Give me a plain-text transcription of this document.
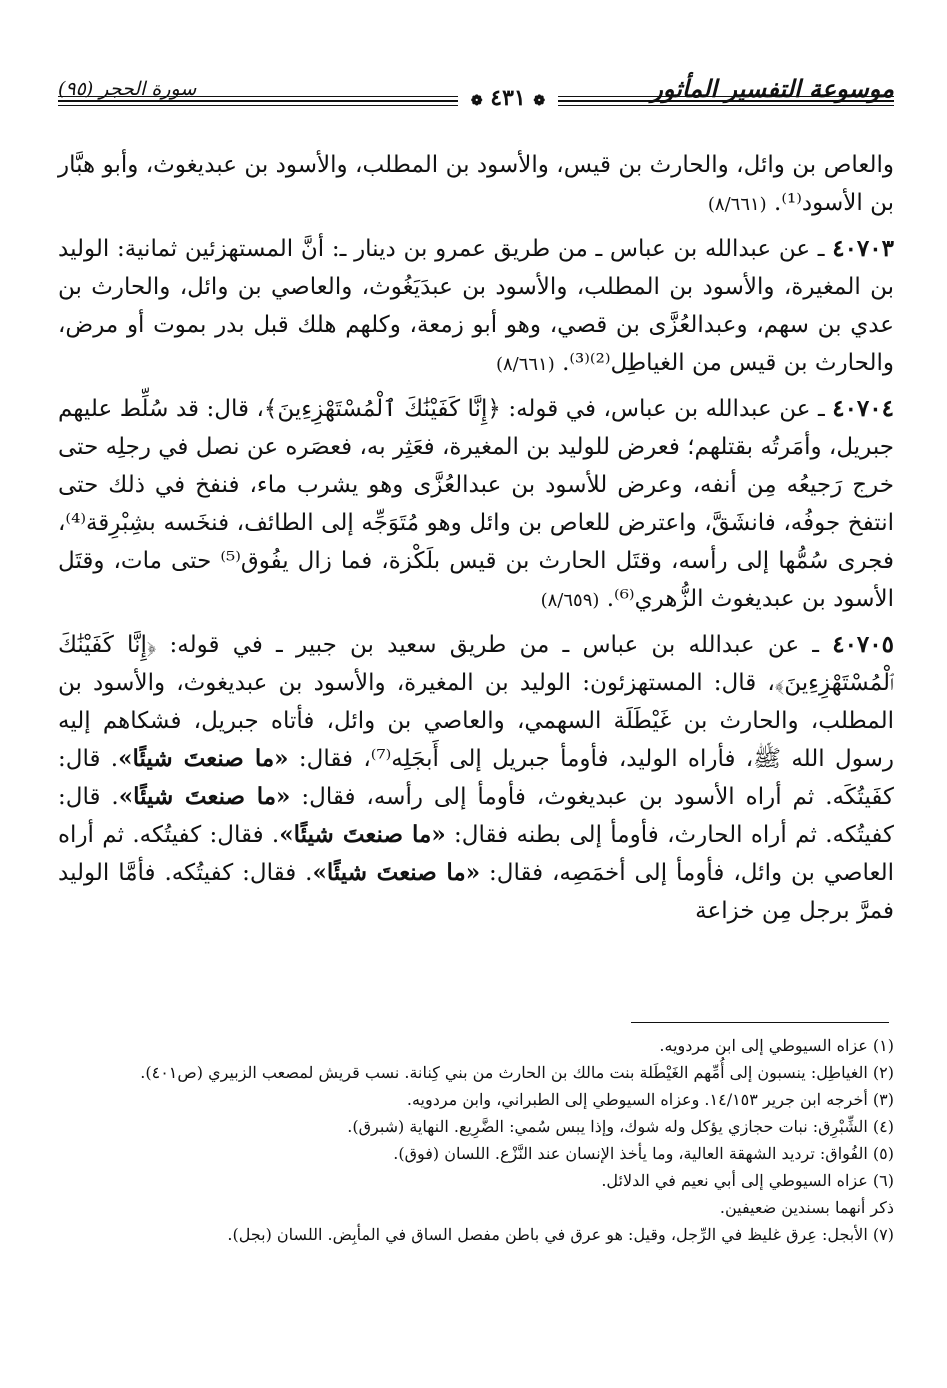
موسوعة التفسير المأثور
❁ ٤٣١ ❁
سورة الحجر (٩٥)

والعاص بن وائل، والحارث بن قيس، والأسود بن المطلب، والأسود بن عبديغوث، وأبو هبَّار بن الأسود⁽¹⁾. (٨/٦٦١)

٤٠٧٠٣ ـ عن عبدالله بن عباس ـ من طريق عمرو بن دينار ـ: أنَّ المستهزئين ثمانية: الوليد بن المغيرة، والأسود بن المطلب، والأسود بن عبدَيَغُوث، والعاصي بن وائل، والحارث بن عدي بن سهم، وعبدالعُزَّى بن قصي، وهو أبو زمعة، وكلهم هلك قبل بدر بموت أو مرض، والحارث بن قيس من الغياطِل⁽²⁾⁽³⁾. (٨/٦٦١)

٤٠٧٠٤ ـ عن عبدالله بن عباس، في قوله: ﴿إِنَّا كَفَيْنَٰكَ ٱلْمُسْتَهْزِءِينَ﴾، قال: قد سُلِّط عليهم جبريل، وأمَرتُه بقتلهم؛ فعرض للوليد بن المغيرة، فعَثِر به، فعصَره عن نصل في رجلِه حتى خرج رَجيعُه مِن أنفه، وعرض للأسود بن عبدالعُزَّى وهو يشرب ماء، فنفخ في ذلك حتى انتفخ جوفُه، فانشَقَّ، واعترض للعاص بن وائل وهو مُتَوَجِّه إلى الطائف، فنخَسه بشِبْرِقة⁽⁴⁾، فجرى سُمُّها إلى رأسه، وقتَل الحارث بن قيس بلَكْزة، فما زال يفُوق⁽⁵⁾ حتى مات، وقتَل الأسود بن عبديغوث الزُّهري⁽⁶⁾. (٨/٦٥٩)

٤٠٧٠٥ ـ عن عبدالله بن عباس ـ من طريق سعيد بن جبير ـ في قوله: ﴿إِنَّا كَفَيْنَٰكَ ٱلْمُسْتَهْزِءِينَ﴾، قال: المستهزئون: الوليد بن المغيرة، والأسود بن عبديغوث، والأسود بن المطلب، والحارث بن غَيْطَلَة السهمي، والعاصي بن وائل، فأتاه جبريل، فشكاهم إليه رسول الله ﷺ، فأراه الوليد، فأومأ جبريل إلى أَبجَلِه⁽⁷⁾، فقال: «ما صنعتَ شيئًا». قال: كفَيتُكَه. ثم أراه الأسود بن عبديغوث، فأومأ إلى رأسه، فقال: «ما صنعتَ شيئًا». قال: كفيتُكه. ثم أراه الحارث، فأومأ إلى بطنه فقال: «ما صنعتَ شيئًا». فقال: كفيتُكه. ثم أراه العاصي بن وائل، فأومأ إلى أخمَصِه، فقال: «ما صنعتَ شيئًا». فقال: كفيتُكه. فأمَّا الوليد فمرَّ برجل مِن خزاعة

(١) عزاه السيوطي إلى ابن مردويه.

(٢) الغياطِل: ينسبون إلى أُمِّهم الغَيْطَلة بنت مالك بن الحارث من بني كِنانة. نسب قريش لمصعب الزبيري (ص٤٠١).

(٣) أخرجه ابن جرير ١٤/١٥٣. وعزاه السيوطي إلى الطبراني، وابن مردويه.

(٤) الشِّبْرِق: نبات حجازي يؤكل وله شوك، وإذا يبس سُمي: الضَّرِيع. النهاية (شبرق).

(٥) الفُواق: ترديد الشهقة العالية، وما يأخذ الإنسان عند النَّزْع. اللسان (فوق).

(٦) عزاه السيوطي إلى أبي نعيم في الدلائل.

ذكر أنهما بسندين ضعيفين.

(٧) الأبجل: عِرق غليظ في الرِّجل، وقيل: هو عرق في باطن مفصل الساق في المأبِض. اللسان (بجل).
